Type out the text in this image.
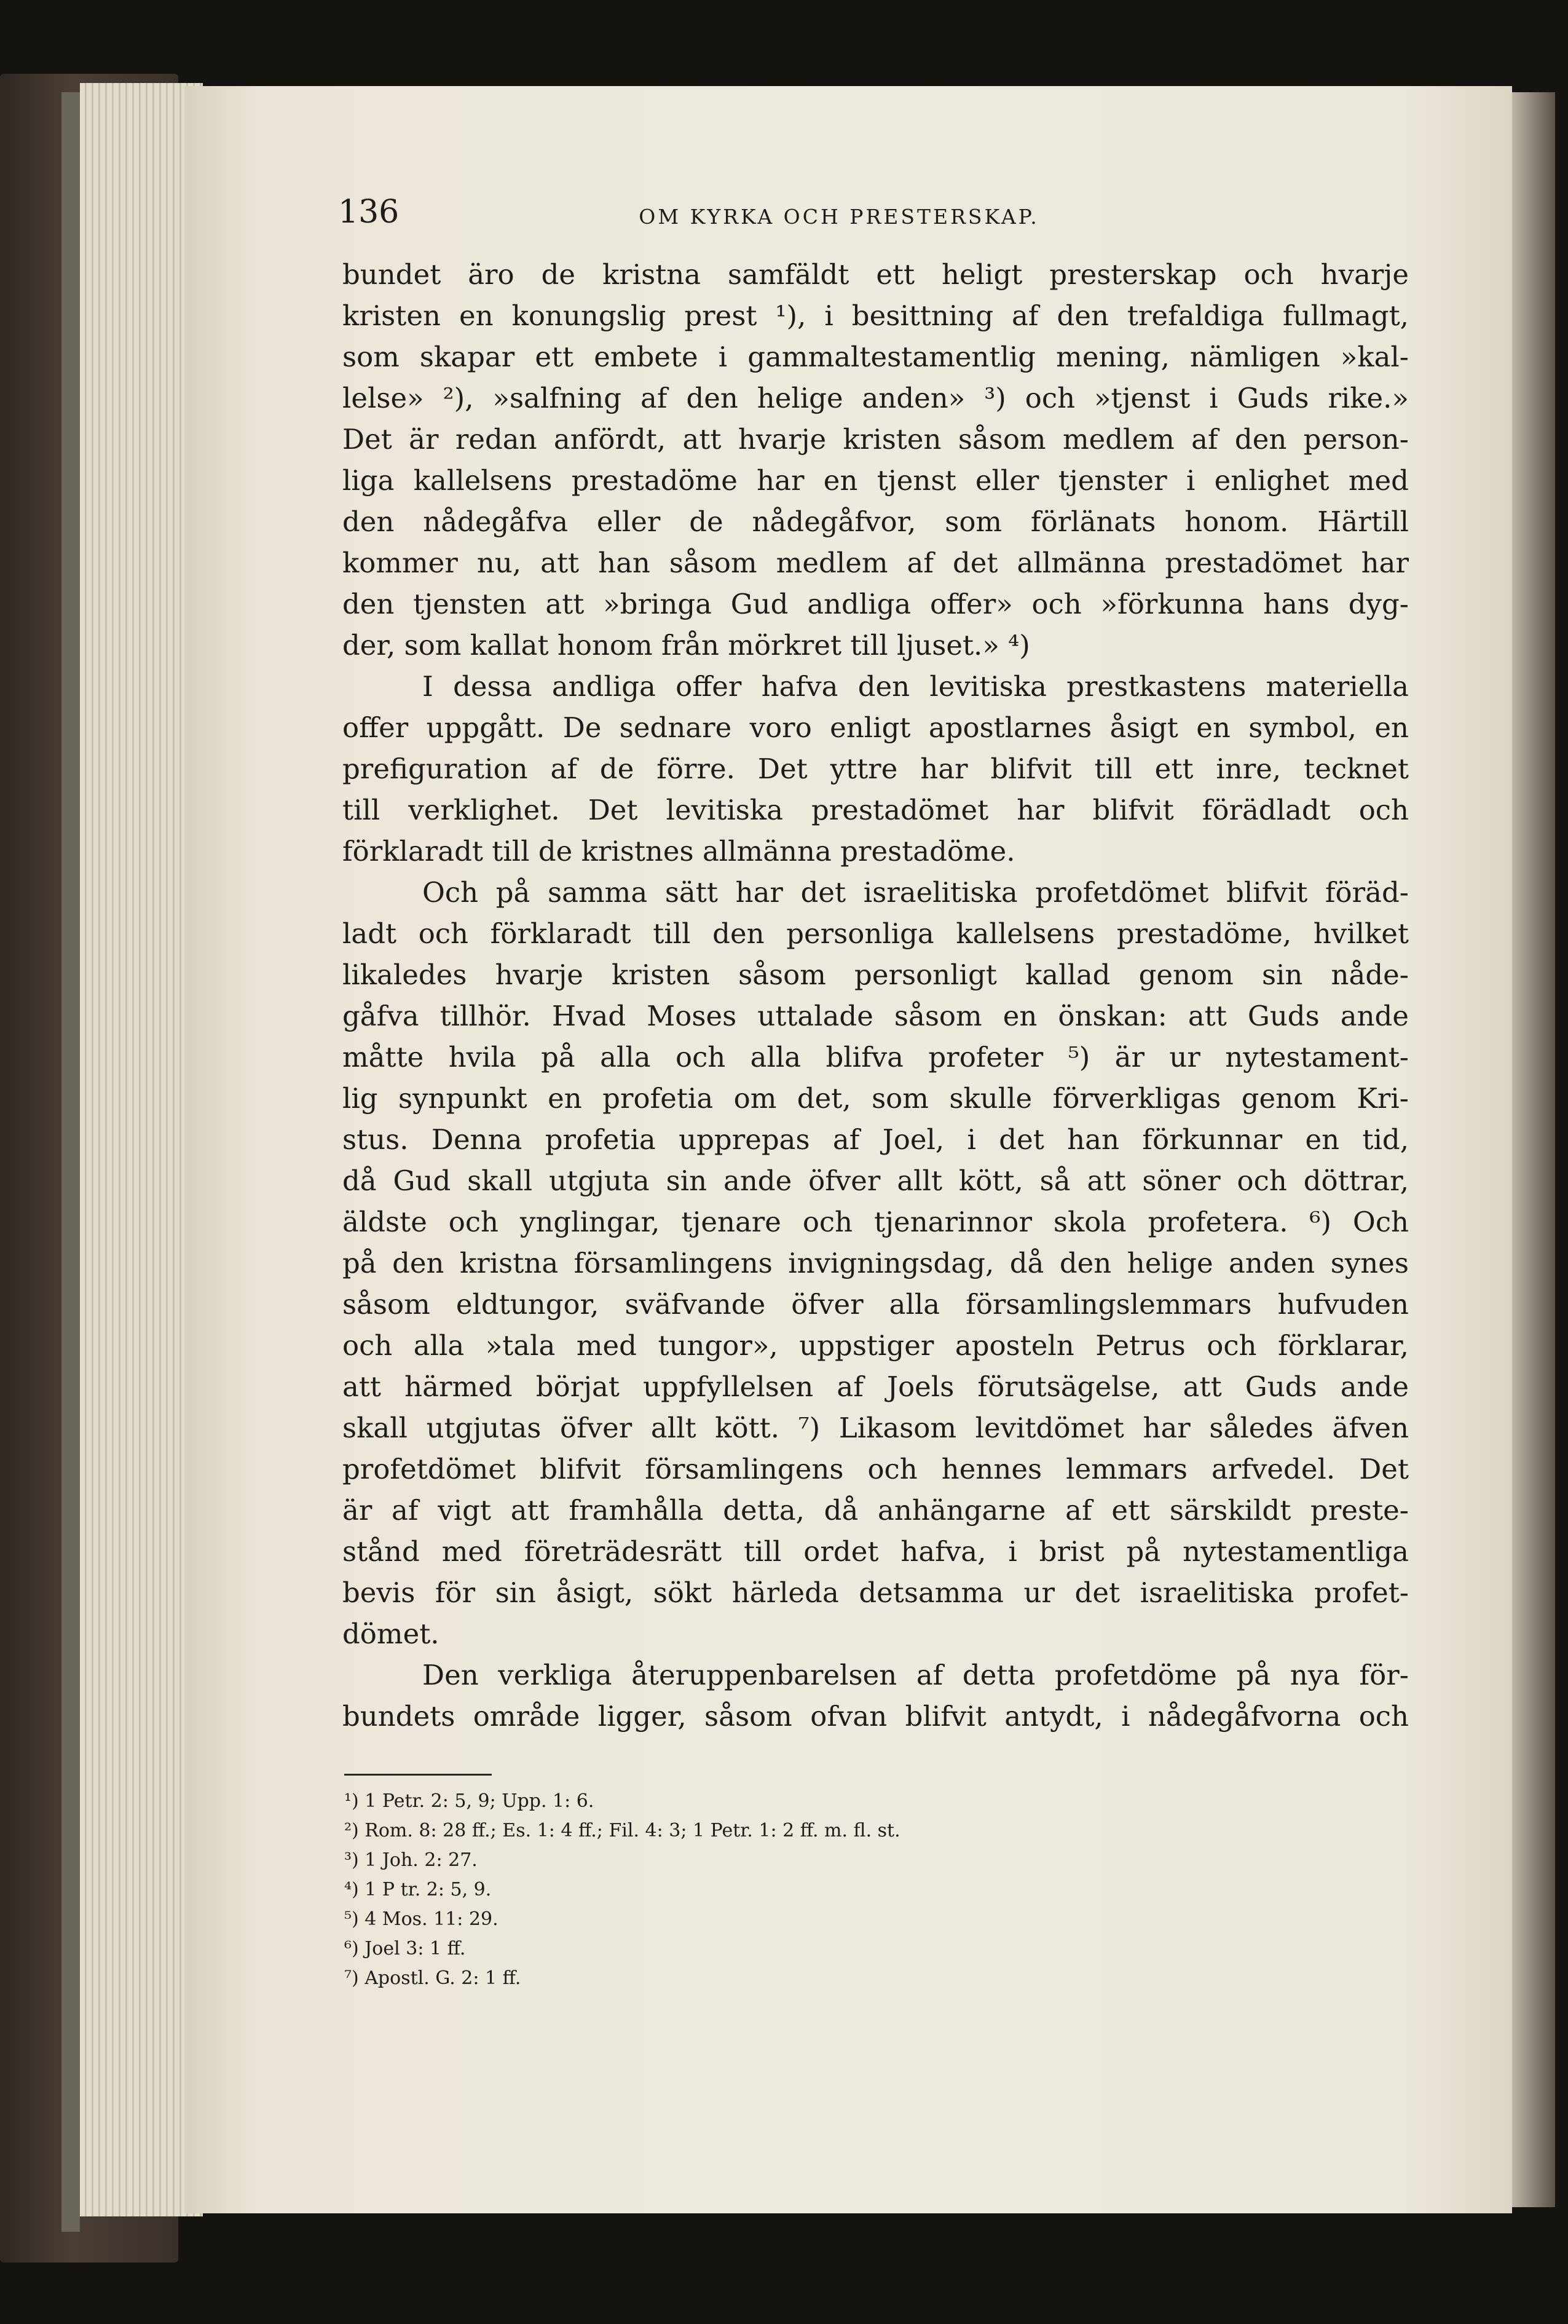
136	OM KYRKA OCH PRESTERSKAP.
bundet äro de kristna samfäldt ett heligt presterskap och hvarje
kristen en konungslig prest ¹), i besittning af den trefaldiga fullmagt,
som skapar ett embete i gammaltestamentlig mening, nämligen »kal-
lelse» ²), »salfning af den helige anden» ³) och »tjenst i Guds rike.»
Det är redan anfördt, att hvarje kristen såsom medlem af den person-
liga kallelsens prestadöme har en tjenst eller tjenster i enlighet med
den nådegåfva eller de nådegåfvor, som förlänats honom. Härtill
kommer nu, att han såsom medlem af det allmänna prestadömet har
den tjensten att »bringa Gud andliga offer» och »förkunna hans dyg-
der, som kallat honom från mörkret till ljuset.» ⁴)
I dessa andliga offer hafva den levitiska prestkastens materiella
offer uppgått. De sednare voro enligt apostlarnes åsigt en symbol, en
prefiguration af de förre. Det yttre har blifvit till ett inre, tecknet
till verklighet. Det levitiska prestadömet har blifvit förädladt och
förklaradt till de kristnes allmänna prestadöme.
Och på samma sätt har det israelitiska profetdömet blifvit föräd-
ladt och förklaradt till den personliga kallelsens prestadöme, hvilket
likaledes hvarje kristen såsom personligt kallad genom sin nåde-
gåfva tillhör. Hvad Moses uttalade såsom en önskan: att Guds ande
måtte hvila på alla och alla blifva profeter ⁵) är ur nytestament-
lig synpunkt en profetia om det, som skulle förverkligas genom Kri-
stus. Denna profetia upprepas af Joel, i det han förkunnar en tid,
då Gud skall utgjuta sin ande öfver allt kött, så att söner och döttrar,
äldste och ynglingar, tjenare och tjenarinnor skola profetera. ⁶) Och
på den kristna församlingens invigningsdag, då den helige anden synes
såsom eldtungor, sväfvande öfver alla församlingslemmars hufvuden
och alla »tala med tungor», uppstiger aposteln Petrus och förklarar,
att härmed börjat uppfyllelsen af Joels förutsägelse, att Guds ande
skall utgjutas öfver allt kött. ⁷) Likasom levitdömet har således äfven
profetdömet blifvit församlingens och hennes lemmars arfvedel. Det
är af vigt att framhålla detta, då anhängarne af ett särskildt preste-
stånd med företrädesrätt till ordet hafva, i brist på nytestamentliga
bevis för sin åsigt, sökt härleda detsamma ur det israelitiska profet-
dömet.
Den verkliga återuppenbarelsen af detta profetdöme på nya för-
bundets område ligger, såsom ofvan blifvit antydt, i nådegåfvorna och
¹) 1 Petr. 2: 5, 9; Upp. 1: 6.
²) Rom. 8: 28 ff.; Es. 1: 4 ff.; Fil. 4: 3; 1 Petr. 1: 2 ff. m. fl. st.
³) 1 Joh. 2: 27.
⁴) 1 P tr. 2: 5, 9.
⁵) 4 Mos. 11: 29.
⁶) Joel 3: 1 ff.
⁷) Apostl. G. 2: 1 ff.
